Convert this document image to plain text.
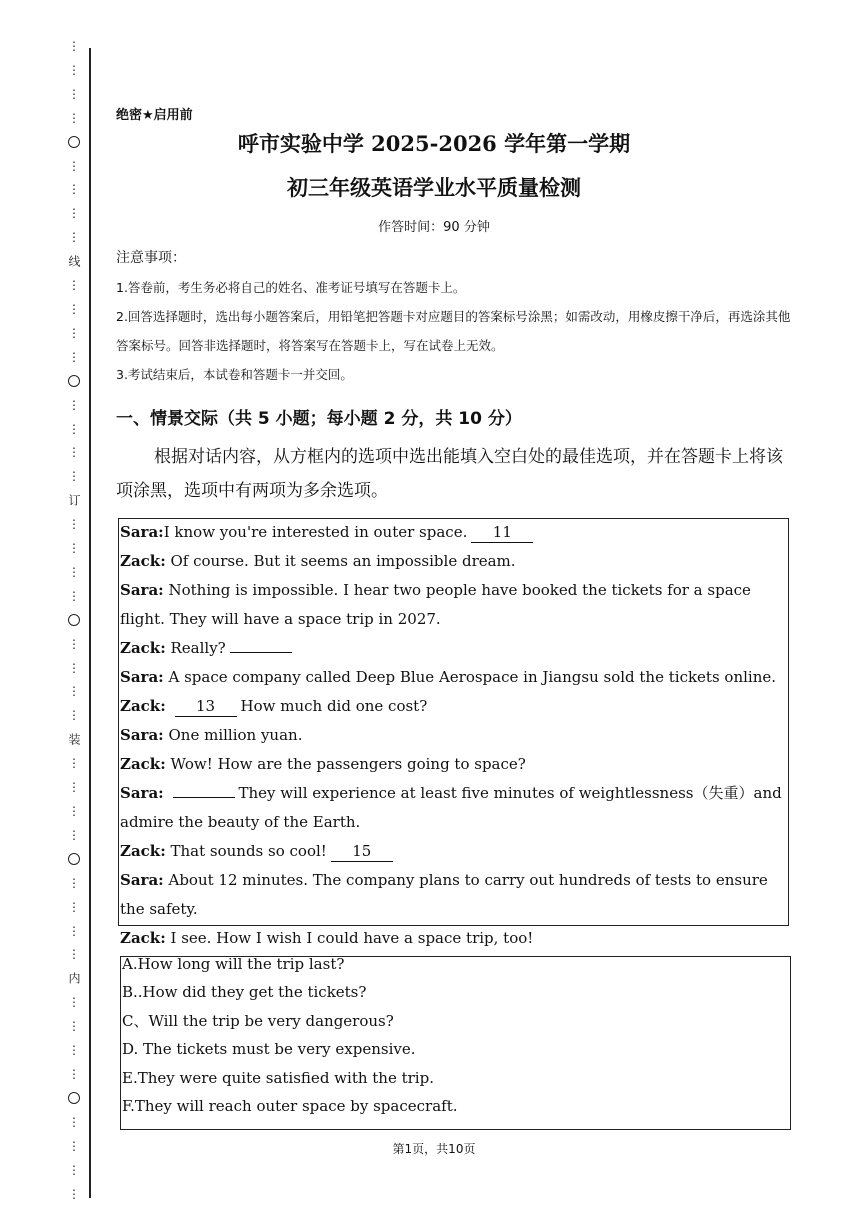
⋮
⋮
⋮
⋮
⋮
⋮
⋮
⋮
线
⋮
⋮
⋮
⋮
⋮
⋮
⋮
⋮
订
⋮
⋮
⋮
⋮
⋮
⋮
⋮
⋮
装
⋮
⋮
⋮
⋮
⋮
⋮
⋮
⋮
内
⋮
⋮
⋮
⋮
⋮
⋮
⋮
⋮
绝密★启用前
呼市实验中学 2025-2026 学年第一学期
初三年级英语学业水平质量检测
作答时间：90 分钟
注意事项：
1.答卷前，考生务必将自己的姓名、准考证号填写在答题卡上。
2.回答选择题时，选出每小题答案后，用铅笔把答题卡对应题目的答案标号涂黑；如需改动，用橡皮擦干净后，再选涂其他答案标号。回答非选择题时，将答案写在答题卡上，写在试卷上无效。
3.考试结束后，本试卷和答题卡一并交回。
一、情景交际（共 5 小题；每小题 2 分，共 10 分）
根据对话内容，从方框内的选项中选出能填入空白处的最佳选项，并在答题卡上将该项涂黑，选项中有两项为多余选项。
Sara:I know you're interested in outer space. 11
Zack: Of course. But it seems an impossible dream.
Sara: Nothing is impossible. I hear two people have booked the tickets for a space flight. They will have a space trip in 2027.
Zack: Really?
Sara: A space company called Deep Blue Aerospace in Jiangsu sold the tickets online.
Zack: 13 How much did one cost?
Sara: One million yuan.
Zack: Wow! How are the passengers going to space?
Sara:	They will experience at least five minutes of weightlessness（失重）and admire the beauty of the Earth.
Zack: That sounds so cool! 15
Sara: About 12 minutes. The company plans to carry out hundreds of tests to ensure the safety.
Zack: I see. How I wish I could have a space trip, too!
A.How long will the trip last?
B..How did they get the tickets?
C、Will the trip be very dangerous?
D. The tickets must be very expensive.
E.They were quite satisfied with the trip.
F.They will reach outer space by spacecraft.
第1页，共10页
